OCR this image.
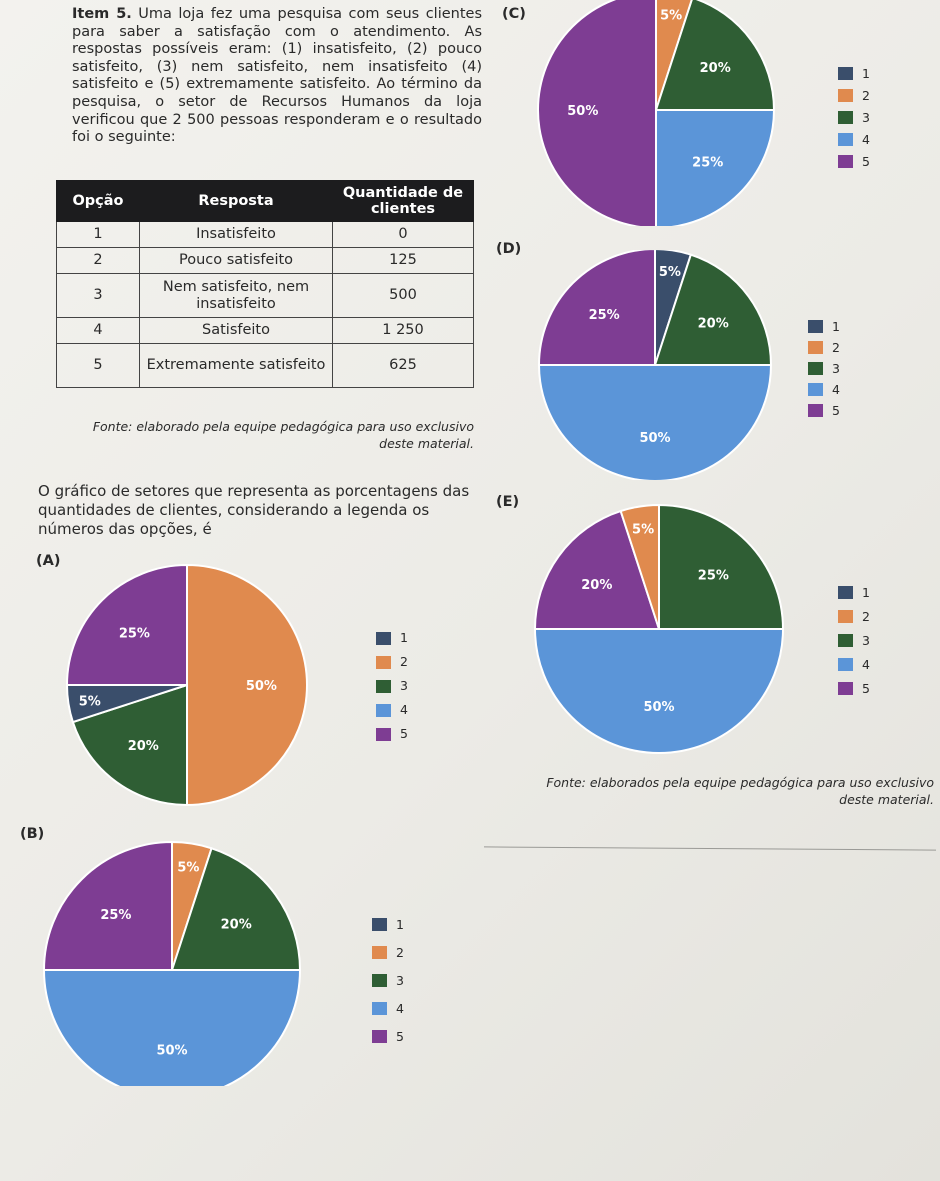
Item 5. Uma loja fez uma pesquisa com seus clientes para saber a satisfação com o atendimento. As respostas possíveis eram: (1) insatisfeito, (2) pouco satisfeito, (3) nem satisfeito, nem insatisfeito (4) satisfeito e (5) extremamente satisfeito. Ao término da pesquisa, o setor de Recursos Humanos da loja verificou que 2 500 pessoas responderam e o resultado foi o seguinte:
Opção	Resposta	Quantidade de clientes
1	Insatisfeito	0
2	Pouco satisfeito	125
3	Nem satisfeito, nem insatisfeito	500
4	Satisfeito	1 250
5	Extremamente satisfeito	625
Fonte: elaborado pela equipe pedagógica para uso exclusivo
deste material.
O gráfico de setores que representa as porcentagens das quantidades de clientes, considerando a legenda os números das opções, é
(A)
(B)
(C)
(D)
(E)
50%
20%
5%
25%
5%
20%
50%
25%
5%
20%
25%
50%
5%
20%
50%
25%
25%
50%
20%
5%
1
2
3
4
5
1
2
3
4
5
1
2
3
4
5
1
2
3
4
5
1
2
3
4
5
Fonte: elaborados pela equipe pedagógica para uso exclusivo
deste material.
